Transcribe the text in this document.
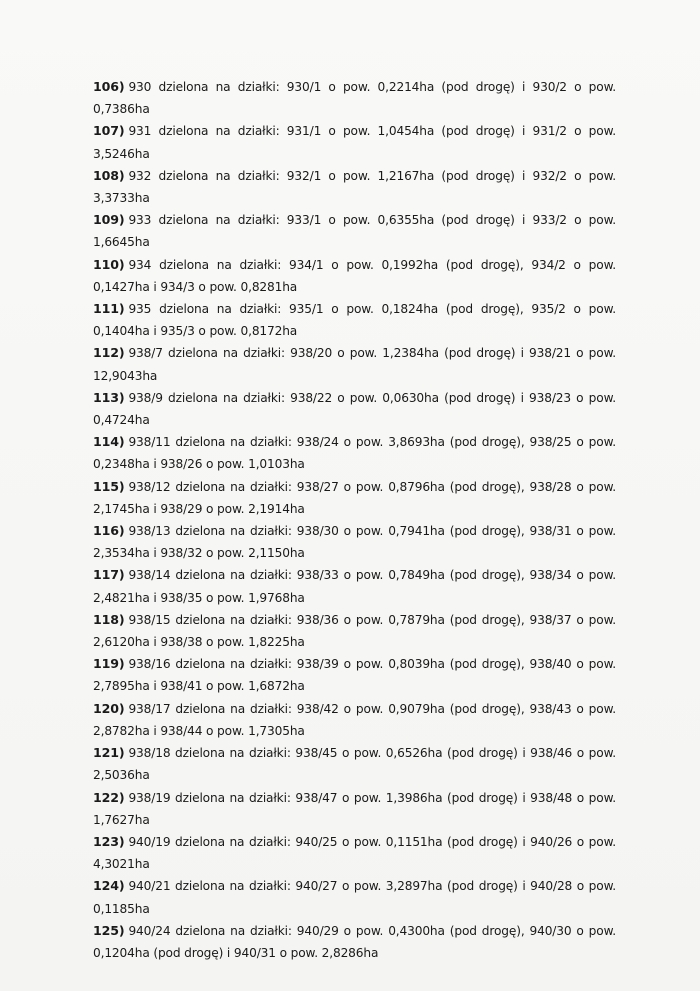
106) 930 dzielona na działki: 930/1 o pow. 0,2214ha (pod drogę) i 930/2 o pow. 0,7386ha

107) 931 dzielona na działki: 931/1 o pow. 1,0454ha (pod drogę) i 931/2 o pow. 3,5246ha

108) 932 dzielona na działki: 932/1 o pow. 1,2167ha (pod drogę) i 932/2 o pow. 3,3733ha

109) 933 dzielona na działki: 933/1 o pow. 0,6355ha (pod drogę) i 933/2 o pow. 1,6645ha

110) 934 dzielona na działki: 934/1 o pow. 0,1992ha (pod drogę), 934/2 o pow. 0,1427ha i 934/3 o pow. 0,8281ha

111) 935 dzielona na działki: 935/1 o pow. 0,1824ha (pod drogę), 935/2 o pow. 0,1404ha i 935/3 o pow. 0,8172ha

112) 938/7 dzielona na działki: 938/20 o pow. 1,2384ha (pod drogę) i 938/21 o pow. 12,9043ha

113) 938/9 dzielona na działki: 938/22 o pow. 0,0630ha (pod drogę) i 938/23 o pow. 0,4724ha

114) 938/11 dzielona na działki: 938/24 o pow. 3,8693ha (pod drogę), 938/25 o pow. 0,2348ha i 938/26 o pow. 1,0103ha

115) 938/12 dzielona na działki: 938/27 o pow. 0,8796ha (pod drogę), 938/28 o pow. 2,1745ha i 938/29 o pow. 2,1914ha

116) 938/13 dzielona na działki: 938/30 o pow. 0,7941ha (pod drogę), 938/31 o pow. 2,3534ha i 938/32 o pow. 2,1150ha

117) 938/14 dzielona na działki: 938/33 o pow. 0,7849ha (pod drogę), 938/34 o pow. 2,4821ha i 938/35 o pow. 1,9768ha

118) 938/15 dzielona na działki: 938/36 o pow. 0,7879ha (pod drogę), 938/37 o pow. 2,6120ha i 938/38 o pow. 1,8225ha

119) 938/16 dzielona na działki: 938/39 o pow. 0,8039ha (pod drogę), 938/40 o pow. 2,7895ha i 938/41 o pow. 1,6872ha

120) 938/17 dzielona na działki: 938/42 o pow. 0,9079ha (pod drogę), 938/43 o pow. 2,8782ha i 938/44 o pow. 1,7305ha

121) 938/18 dzielona na działki: 938/45 o pow. 0,6526ha (pod drogę) i 938/46 o pow. 2,5036ha

122) 938/19 dzielona na działki: 938/47 o pow. 1,3986ha (pod drogę) i 938/48 o pow. 1,7627ha

123) 940/19 dzielona na działki: 940/25 o pow. 0,1151ha (pod drogę) i 940/26 o pow. 4,3021ha

124) 940/21 dzielona na działki: 940/27 o pow. 3,2897ha (pod drogę) i 940/28 o pow. 0,1185ha

125) 940/24 dzielona na działki: 940/29 o pow. 0,4300ha (pod drogę), 940/30 o pow. 0,1204ha (pod drogę) i 940/31 o pow. 2,8286ha
